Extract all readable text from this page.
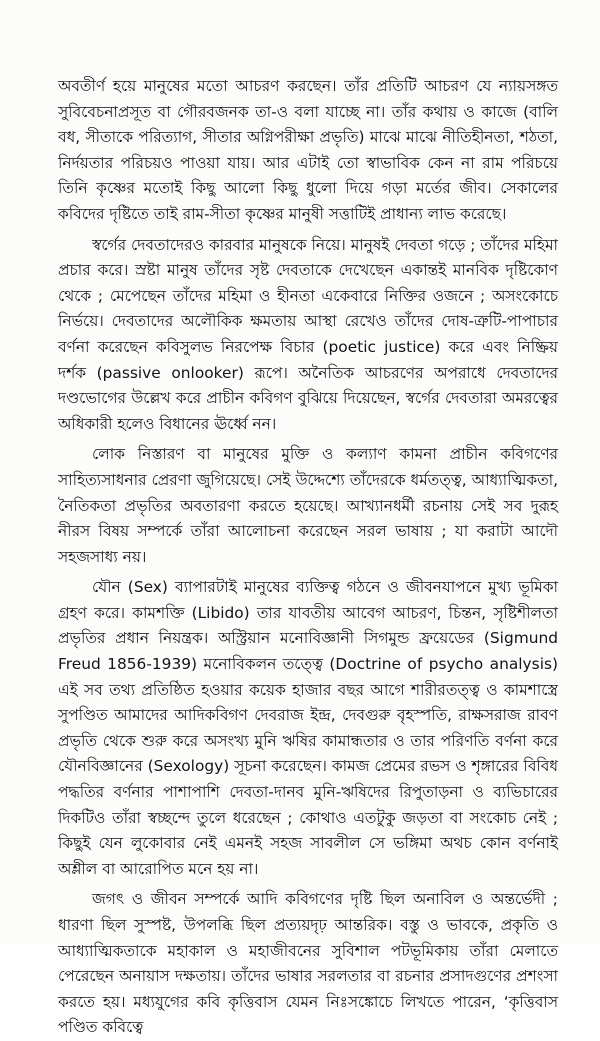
অবতীর্ণ হয়ে মানুষের মতো আচরণ করছেন। তাঁর প্রতিটি আচরণ যে ন্যায়সঙ্গত সুবিবেচনাপ্রসূত বা গৌরবজনক তা-ও বলা যাচ্ছে না। তাঁর কথায় ও কাজে (বালি বধ, সীতাকে পরিত্যাগ, সীতার অগ্নিপরীক্ষা প্রভৃতি) মাঝে মাঝে নীতিহীনতা, শঠতা, নির্দয়তার পরিচয়ও পাওয়া যায়। আর এটাই তো স্বাভাবিক কেন না রাম পরিচয়ে তিনি কৃষ্ণের মতোই কিছু আলো কিছু ধুলো দিয়ে গড়া মর্তের জীব। সেকালের কবিদের দৃষ্টিতে তাই রাম-সীতা কৃষ্ণের মানুষী সত্তাটিই প্রাধান্য লাভ করেছে।

স্বর্গের দেবতাদেরও কারবার মানুষকে নিয়ে। মানুষই দেবতা গড়ে ; তাঁদের মহিমা প্রচার করে। স্রষ্টা মানুষ তাঁদের সৃষ্ট দেবতাকে দেখেছেন একান্তই মানবিক দৃষ্টিকোণ থেকে ; মেপেছেন তাঁদের মহিমা ও হীনতা একেবারে নিক্তির ওজনে ; অসংকোচে নির্ভয়ে। দেবতাদের অলৌকিক ক্ষমতায় আস্থা রেখেও তাঁদের দোষ-ত্রুটি-পাপাচার বর্ণনা করেছেন কবিসুলভ নিরপেক্ষ বিচার (poetic justice) করে এবং নিষ্ক্রিয় দর্শক (passive onlooker) রূপে। অনৈতিক আচরণের অপরাধে দেবতাদের দণ্ডভোগের উল্লেখ করে প্রাচীন কবিগণ বুঝিয়ে দিয়েছেন, স্বর্গের দেবতারা অমরত্বের অধিকারী হলেও বিধানের ঊর্ধ্বে নন।

লোক নিস্তারণ বা মানুষের মুক্তি ও কল্যাণ কামনা প্রাচীন কবিগণের সাহিত্যসাধনার প্রেরণা জুগিয়েছে। সেই উদ্দেশ্যে তাঁদেরকে ধর্মতত্ত্ব, আধ্যাত্মিকতা, নৈতিকতা প্রভৃতির অবতারণা করতে হয়েছে। আখ্যানধর্মী রচনায় সেই সব দুরূহ নীরস বিষয় সম্পর্কে তাঁরা আলোচনা করেছেন সরল ভাষায় ; যা করাটা আদৌ সহজসাধ্য নয়।

যৌন (Sex) ব্যাপারটাই মানুষের ব্যক্তিত্ব গঠনে ও জীবনযাপনে মুখ্য ভূমিকা গ্রহণ করে। কামশক্তি (Libido) তার যাবতীয় আবেগ আচরণ, চিন্তন, সৃষ্টিশীলতা প্রভৃতির প্রধান নিয়ন্ত্রক। অস্ট্রিয়ান মনোবিজ্ঞানী সিগমুন্ড ফ্রয়েডের (Sigmund Freud 1856-1939) মনোবিকলন তত্ত্বে (Doctrine of psycho analysis) এই সব তথ্য প্রতিষ্ঠিত হওয়ার কয়েক হাজার বছর আগে শারীরতত্ত্ব ও কামশাস্ত্রে সুপণ্ডিত আমাদের আদিকবিগণ দেবরাজ ইন্দ্র, দেবগুরু বৃহস্পতি, রাক্ষসরাজ রাবণ প্রভৃতি থেকে শুরু করে অসংখ্য মুনি ঋষির কামান্ধতার ও তার পরিণতি বর্ণনা করে যৌনবিজ্ঞানের (Sexology) সূচনা করেছেন। কামজ প্রেমের রভস ও শৃঙ্গারের বিবিধ পদ্ধতির বর্ণনার পাশাপাশি দেবতা-দানব মুনি-ঋষিদের রিপুতাড়না ও ব্যভিচারের দিকটিও তাঁরা স্বচ্ছন্দে তুলে ধরেছেন ; কোথাও এতটুকু জড়তা বা সংকোচ নেই ; কিছুই যেন লুকোবার নেই এমনই সহজ সাবলীল সে ভঙ্গিমা অথচ কোন বর্ণনাই অশ্লীল বা আরোপিত মনে হয় না।

জগৎ ও জীবন সম্পর্কে আদি কবিগণের দৃষ্টি ছিল অনাবিল ও অন্তর্ভেদী ; ধারণা ছিল সুস্পষ্ট, উপলব্ধি ছিল প্রত্যয়দৃঢ় আন্তরিক। বস্তু ও ভাবকে, প্রকৃতি ও আধ্যাত্মিকতাকে মহাকাল ও মহাজীবনের সুবিশাল পটভূমিকায় তাঁরা মেলাতে পেরেছেন অনায়াস দক্ষতায়। তাঁদের ভাষার সরলতার বা রচনার প্রসাদগুণের প্রশংসা করতে হয়। মধ্যযুগের কবি কৃত্তিবাস যেমন নিঃসঙ্কোচে লিখতে পারেন, ‘কৃত্তিবাস পণ্ডিত কবিত্বে
